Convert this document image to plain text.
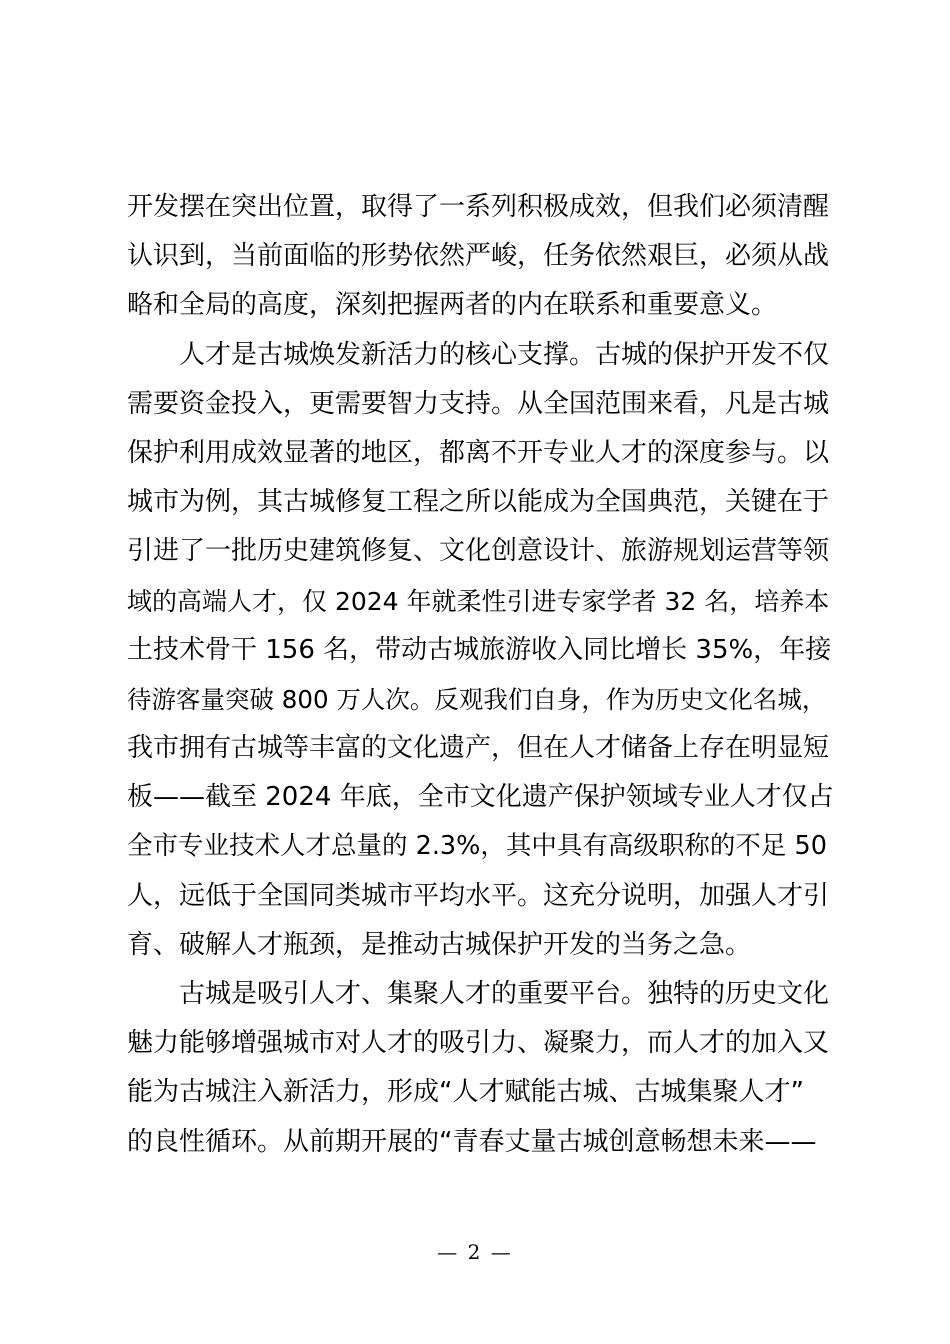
开发摆在突出位置，取得了一系列积极成效，但我们必须清醒
认识到，当前面临的形势依然严峻，任务依然艰巨，必须从战
略和全局的高度，深刻把握两者的内在联系和重要意义。
人才是古城焕发新活力的核心支撑。古城的保护开发不仅
需要资金投入，更需要智力支持。从全国范围来看，凡是古城
保护利用成效显著的地区，都离不开专业人才的深度参与。以
城市为例，其古城修复工程之所以能成为全国典范，关键在于
引进了一批历史建筑修复、文化创意设计、旅游规划运营等领
域的高端人才，仅 2024 年就柔性引进专家学者 32 名，培养本
土技术骨干 156 名，带动古城旅游收入同比增长 35%，年接
待游客量突破 800 万人次。反观我们自身，作为历史文化名城，
我市拥有古城等丰富的文化遗产，但在人才储备上存在明显短
板——截至 2024 年底，全市文化遗产保护领域专业人才仅占
全市专业技术人才总量的 2.3%，其中具有高级职称的不足 50
人，远低于全国同类城市平均水平。这充分说明，加强人才引
育、破解人才瓶颈，是推动古城保护开发的当务之急。
古城是吸引人才、集聚人才的重要平台。独特的历史文化
魅力能够增强城市对人才的吸引力、凝聚力，而人才的加入又
能为古城注入新活力，形成“人才赋能古城、古城集聚人才”
的良性循环。从前期开展的“青春丈量古城创意畅想未来——
— 2 —
